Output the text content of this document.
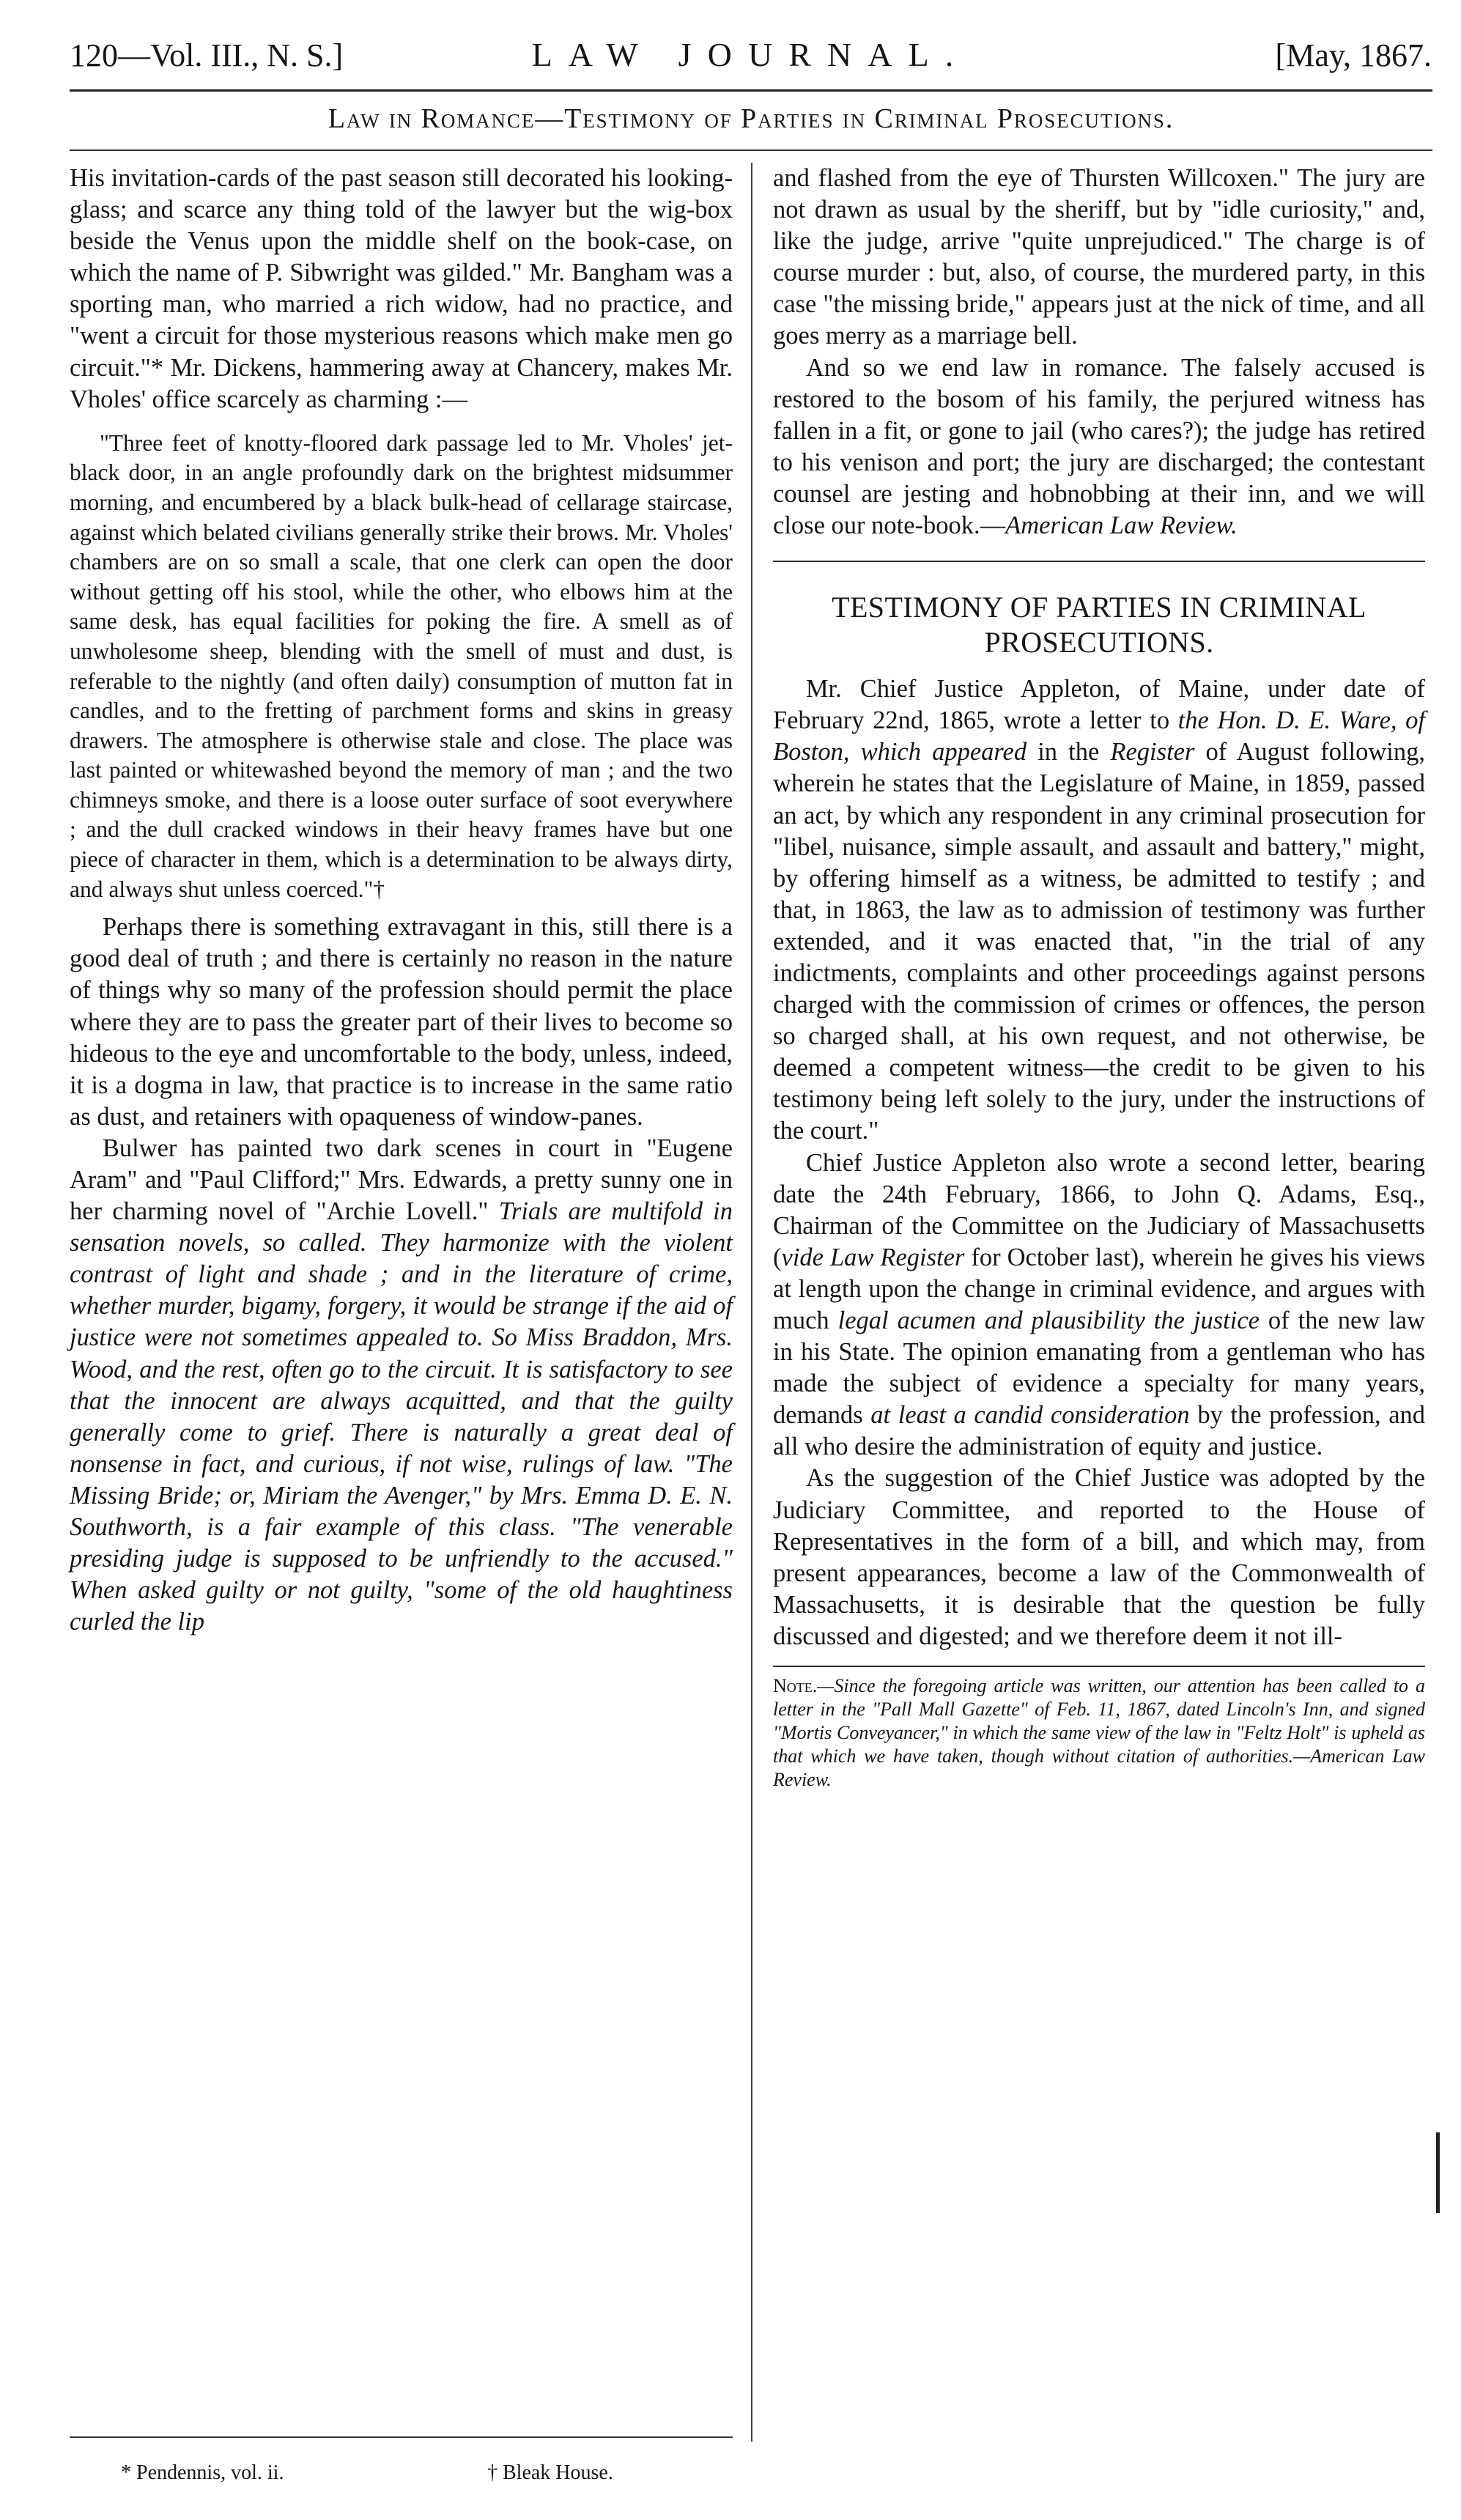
120—Vol. III., N. S.]	LAW JOURNAL.	[May, 1867.
Law in Romance—Testimony of Parties in Criminal Prosecutions.

His invitation-cards of the past season still decorated his looking-glass; and scarce any thing told of the lawyer but the wig-box beside the Venus upon the middle shelf on the book-case, on which the name of P. Sibwright was gilded." Mr. Bangham was a sporting man, who married a rich widow, had no practice, and "went a circuit for those mysterious reasons which make men go circuit."* Mr. Dickens, hammering away at Chancery, makes Mr. Vholes' office scarcely as charming :—

"Three feet of knotty-floored dark passage led to Mr. Vholes' jet-black door, in an angle profoundly dark on the brightest midsummer morning, and encumbered by a black bulk-head of cellarage staircase, against which belated civilians generally strike their brows. Mr. Vholes' chambers are on so small a scale, that one clerk can open the door without getting off his stool, while the other, who elbows him at the same desk, has equal facilities for poking the fire. A smell as of unwholesome sheep, blending with the smell of must and dust, is referable to the nightly (and often daily) consumption of mutton fat in candles, and to the fretting of parchment forms and skins in greasy drawers. The atmosphere is otherwise stale and close. The place was last painted or whitewashed beyond the memory of man ; and the two chimneys smoke, and there is a loose outer surface of soot everywhere ; and the dull cracked windows in their heavy frames have but one piece of character in them, which is a determination to be always dirty, and always shut unless coerced."†

Perhaps there is something extravagant in this, still there is a good deal of truth ; and there is certainly no reason in the nature of things why so many of the profession should permit the place where they are to pass the greater part of their lives to become so hideous to the eye and uncomfortable to the body, unless, indeed, it is a dogma in law, that practice is to increase in the same ratio as dust, and retainers with opaqueness of window-panes.

Bulwer has painted two dark scenes in court in "Eugene Aram" and "Paul Clifford;" Mrs. Edwards, a pretty sunny one in her charming novel of "Archie Lovell." Trials are multifold in sensation novels, so called. They harmonize with the violent contrast of light and shade ; and in the literature of crime, whether murder, bigamy, forgery, it would be strange if the aid of justice were not sometimes appealed to. So Miss Braddon, Mrs. Wood, and the rest, often go to the circuit. It is satisfactory to see that the innocent are always acquitted, and that the guilty generally come to grief. There is naturally a great deal of nonsense in fact, and curious, if not wise, rulings of law. "The Missing Bride; or, Miriam the Avenger," by Mrs. Emma D. E. N. Southworth, is a fair example of this class. "The venerable presiding judge is supposed to be unfriendly to the accused." When asked guilty or not guilty, "some of the old haughtiness curled the lip

and flashed from the eye of Thursten Willcoxen." The jury are not drawn as usual by the sheriff, but by "idle curiosity," and, like the judge, arrive "quite unprejudiced." The charge is of course murder : but, also, of course, the murdered party, in this case "the missing bride," appears just at the nick of time, and all goes merry as a marriage bell.

And so we end law in romance. The falsely accused is restored to the bosom of his family, the perjured witness has fallen in a fit, or gone to jail (who cares?); the judge has retired to his venison and port; the jury are discharged; the contestant counsel are jesting and hobnobbing at their inn, and we will close our note-book.—American Law Review.

TESTIMONY OF PARTIES IN CRIMINAL PROSECUTIONS.

Mr. Chief Justice Appleton, of Maine, under date of February 22nd, 1865, wrote a letter to the Hon. D. E. Ware, of Boston, which appeared in the Register of August following, wherein he states that the Legislature of Maine, in 1859, passed an act, by which any respondent in any criminal prosecution for "libel, nuisance, simple assault, and assault and battery," might, by offering himself as a witness, be admitted to testify ; and that, in 1863, the law as to admission of testimony was further extended, and it was enacted that, "in the trial of any indictments, complaints and other proceedings against persons charged with the commission of crimes or offences, the person so charged shall, at his own request, and not otherwise, be deemed a competent witness—the credit to be given to his testimony being left solely to the jury, under the instructions of the court."

Chief Justice Appleton also wrote a second letter, bearing date the 24th February, 1866, to John Q. Adams, Esq., Chairman of the Committee on the Judiciary of Massachusetts (vide Law Register for October last), wherein he gives his views at length upon the change in criminal evidence, and argues with much legal acumen and plausibility the justice of the new law in his State. The opinion emanating from a gentleman who has made the subject of evidence a specialty for many years, demands at least a candid consideration by the profession, and all who desire the administration of equity and justice.

As the suggestion of the Chief Justice was adopted by the Judiciary Committee, and reported to the House of Representatives in the form of a bill, and which may, from present appearances, become a law of the Commonwealth of Massachusetts, it is desirable that the question be fully discussed and digested; and we therefore deem it not ill-

Note.—Since the foregoing article was written, our attention has been called to a letter in the "Pall Mall Gazette" of Feb. 11, 1867, dated Lincoln's Inn, and signed "Mortis Conveyancer," in which the same view of the law in "Feltz Holt" is upheld as that which we have taken, though without citation of authorities.—American Law Review.
* Pendennis, vol. ii.	† Bleak House.
